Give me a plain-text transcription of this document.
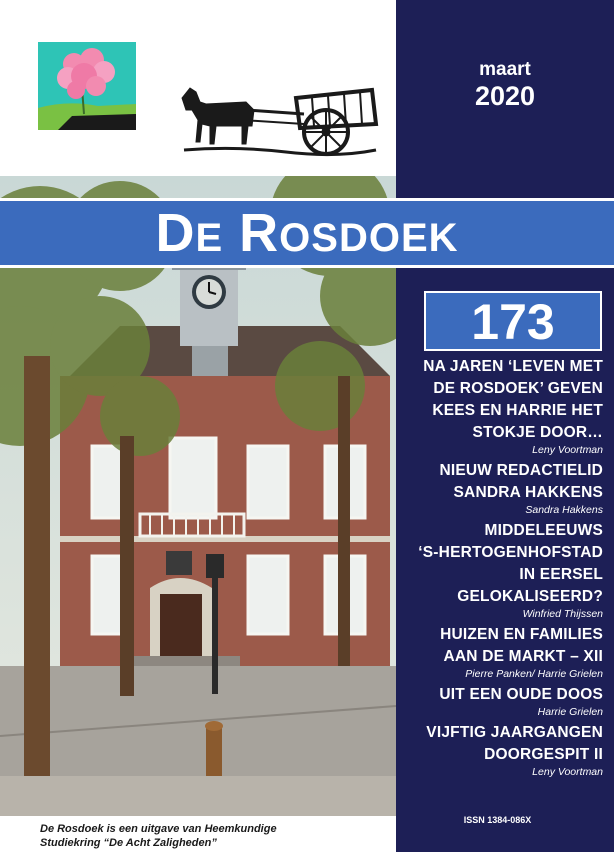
maart
2020
DE ROSDOEK
173
NA JAREN ‘LEVEN MET
DE ROSDOEK’ GEVEN
KEES EN HARRIE HET
STOKJE DOOR…
Leny Voortman
NIEUW REDACTIELID
SANDRA HAKKENS
Sandra Hakkens
MIDDELEEUWS
‘S-HERTOGENHOFSTAD
IN EERSEL
GELOKALISEERD?
Winfried Thijssen
HUIZEN EN FAMILIES
AAN DE MARKT – XII
Pierre Panken/ Harrie Grielen
UIT EEN OUDE DOOS
Harrie Grielen
VIJFTIG JAARGANGEN
DOORGESPIT II
Leny Voortman
ISSN 1384-086X
De Rosdoek is een uitgave van Heemkundige
Studiekring “De Acht Zaligheden”
